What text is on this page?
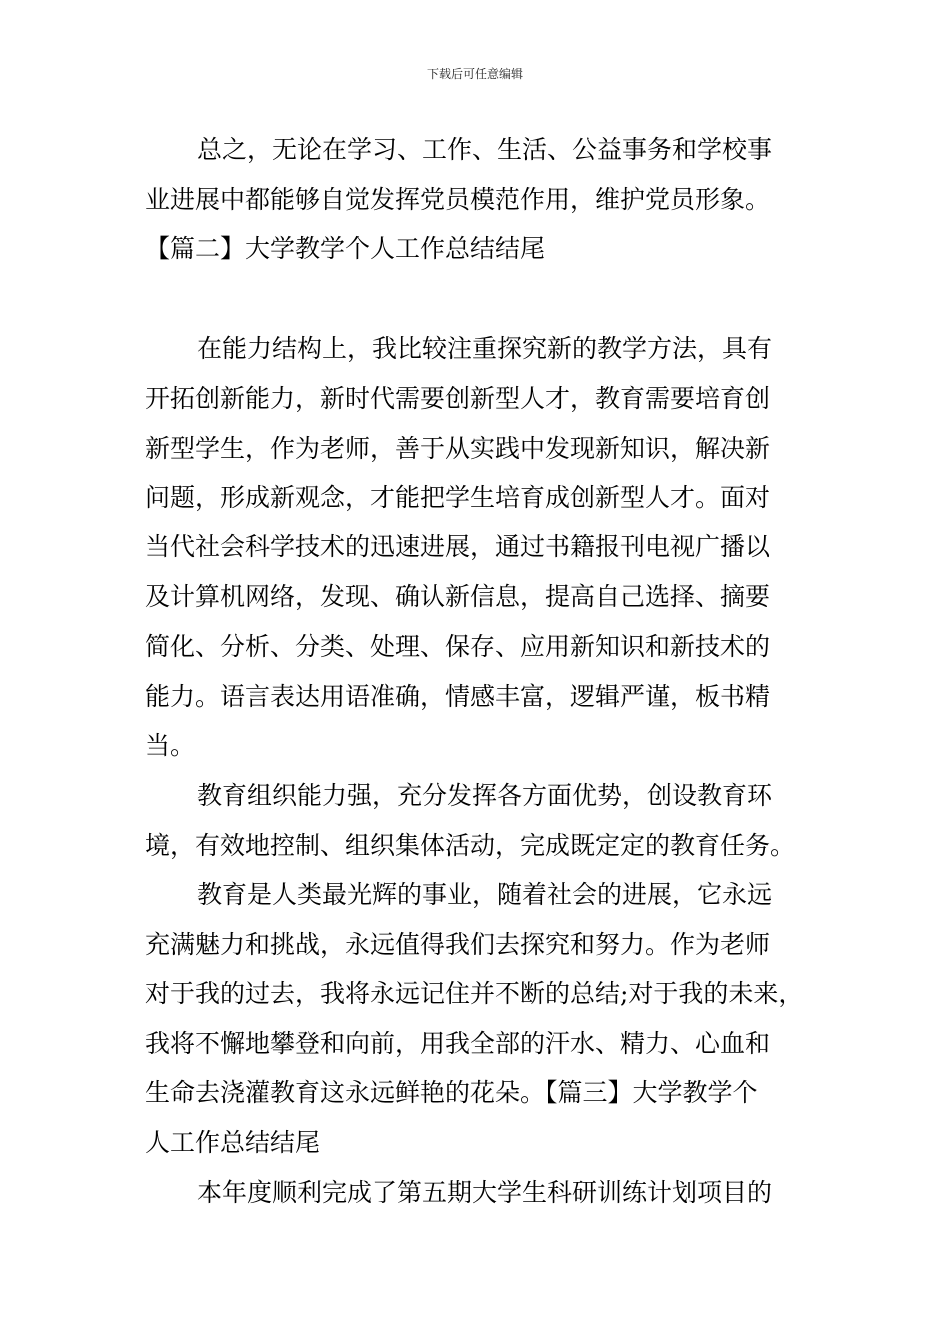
下载后可任意编辑
总之，无论在学习、工作、生活、公益事务和学校事
业进展中都能够自觉发挥党员模范作用，维护党员形象。
【篇二】大学教学个人工作总结结尾
在能力结构上，我比较注重探究新的教学方法，具有
开拓创新能力，新时代需要创新型人才，教育需要培育创
新型学生，作为老师，善于从实践中发现新知识，解决新
问题，形成新观念，才能把学生培育成创新型人才。面对
当代社会科学技术的迅速进展，通过书籍报刊电视广播以
及计算机网络，发现、确认新信息，提高自己选择、摘要
简化、分析、分类、处理、保存、应用新知识和新技术的
能力。语言表达用语准确，情感丰富，逻辑严谨，板书精
当。
教育组织能力强，充分发挥各方面优势，创设教育环
境，有效地控制、组织集体活动，完成既定定的教育任务。
教育是人类最光辉的事业，随着社会的进展，它永远
充满魅力和挑战，永远值得我们去探究和努力。作为老师
对于我的过去，我将永远记住并不断的总结;对于我的未来，
我将不懈地攀登和向前，用我全部的汗水、精力、心血和
生命去浇灌教育这永远鲜艳的花朵。【篇三】大学教学个
人工作总结结尾
本年度顺利完成了第五期大学生科研训练计划项目的
